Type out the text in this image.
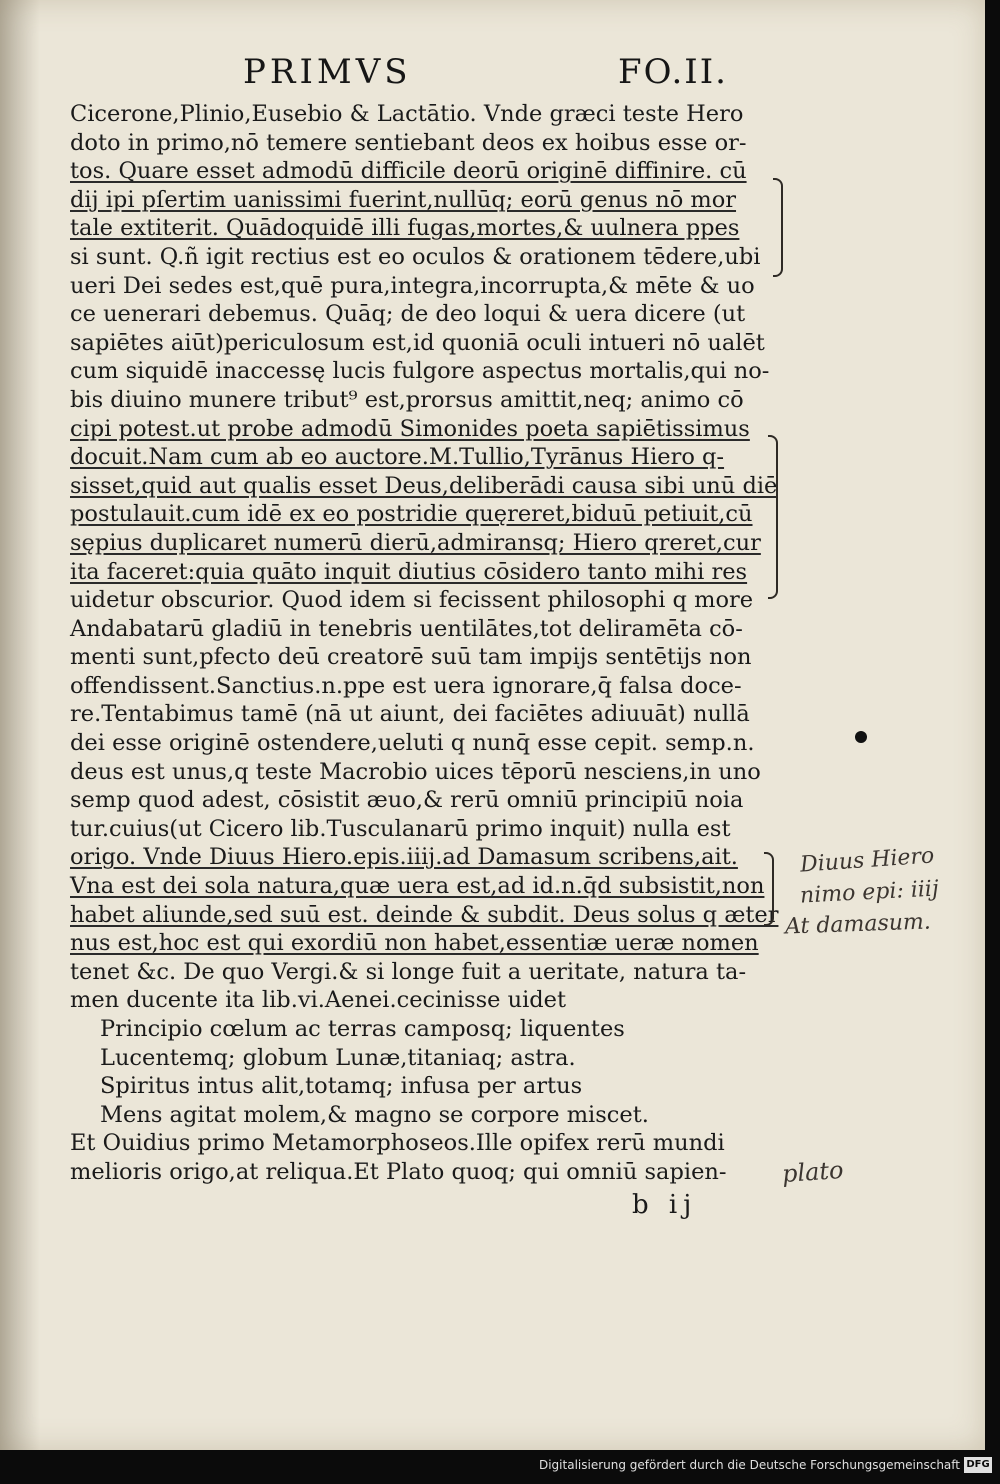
PRIMVS	FO.II.
Cicerone,Plinio,Eusebio & Lactātio. Vnde græci teste Hero
doto in primo,nō temere sentiebant deos ex hoibus esse or-
tos. Quare esset admodū difficile deorū originē diffinire. cū
dij ipi pſertim uanissimi fuerint,nullūq; eorū genus nō mor
tale extiterit. Quādoquidē illi fugas,mortes,& uulnera ppes
si sunt. Q.ñ igit rectius est eo oculos & orationem tēdere,ubi
ueri Dei sedes est,quē pura,integra,incorrupta,& mēte & uo
ce uenerari debemus. Quāq; de deo loqui & uera dicere (ut
sapiētes aiūt)periculosum est,id quoniā oculi intueri nō ualēt
cum siquidē inaccessę lucis fulgore aspectus mortalis,qui no-
bis diuino munere tribut⁹ est,prorsus amittit,neq; animo cō
cipi potest.ut probe admodū Simonides poeta sapiētissimus
docuit.Nam cum ab eo auctore.M.Tullio,Tyrānus Hiero q-
sisset,quid aut qualis esset Deus,deliberādi causa sibi unū diē
postulauit.cum idē ex eo postridie quęreret,biduū petiuit,cū
sępius duplicaret numerū dierū,admiransq; Hiero qreret,cur
ita faceret:quia quāto inquit diutius cōsidero tanto mihi res
uidetur obscurior. Quod idem si fecissent philosophi q more
Andabatarū gladiū in tenebris uentilātes,tot deliramēta cō-
menti sunt,pfecto deū creatorē suū tam impijs sentētijs non
offendissent.Sanctius.n.ppe est uera ignorare,q̄ falsa doce-
re.Tentabimus tamē (nā ut aiunt, dei faciētes adiuuāt) nullā
dei esse originē ostendere,ueluti q nunq̄ esse cepit. semp.n.
deus est unus,q teste Macrobio uices tēporū nesciens,in uno
semp quod adest, cōsistit æuo,& rerū omniū principiū noia
tur.cuius(ut Cicero lib.Tusculanarū primo inquit) nulla est
origo. Vnde Diuus Hiero.epis.iiij.ad Damasum scribens,ait.
Vna est dei sola natura,quæ uera est,ad id.n.q̄d subsistit,non
habet aliunde,sed suū est. deinde & subdit. Deus solus q æter
nus est,hoc est qui exordiū non habet,essentiæ ueræ nomen
tenet &c. De quo Vergi.& si longe fuit a ueritate, natura ta-
men ducente ita lib.vi.Aenei.cecinisse uidet
Principio cœlum ac terras camposq; liquentes
Lucentemq; globum Lunæ,titaniaq; astra.
Spiritus intus alit,totamq; infusa per artus
Mens agitat molem,& magno se corpore miscet.
Et Ouidius primo Metamorphoseos.Ille opifex rerū mundi
melioris origo,at reliqua.Et Plato quoq; qui omniū sapien-
Diuus Hiero
nimo epi: iiij
At damasum.
plato
b ij
Digitalisierung gefördert durch die Deutsche Forschungsgemeinschaft DFG
